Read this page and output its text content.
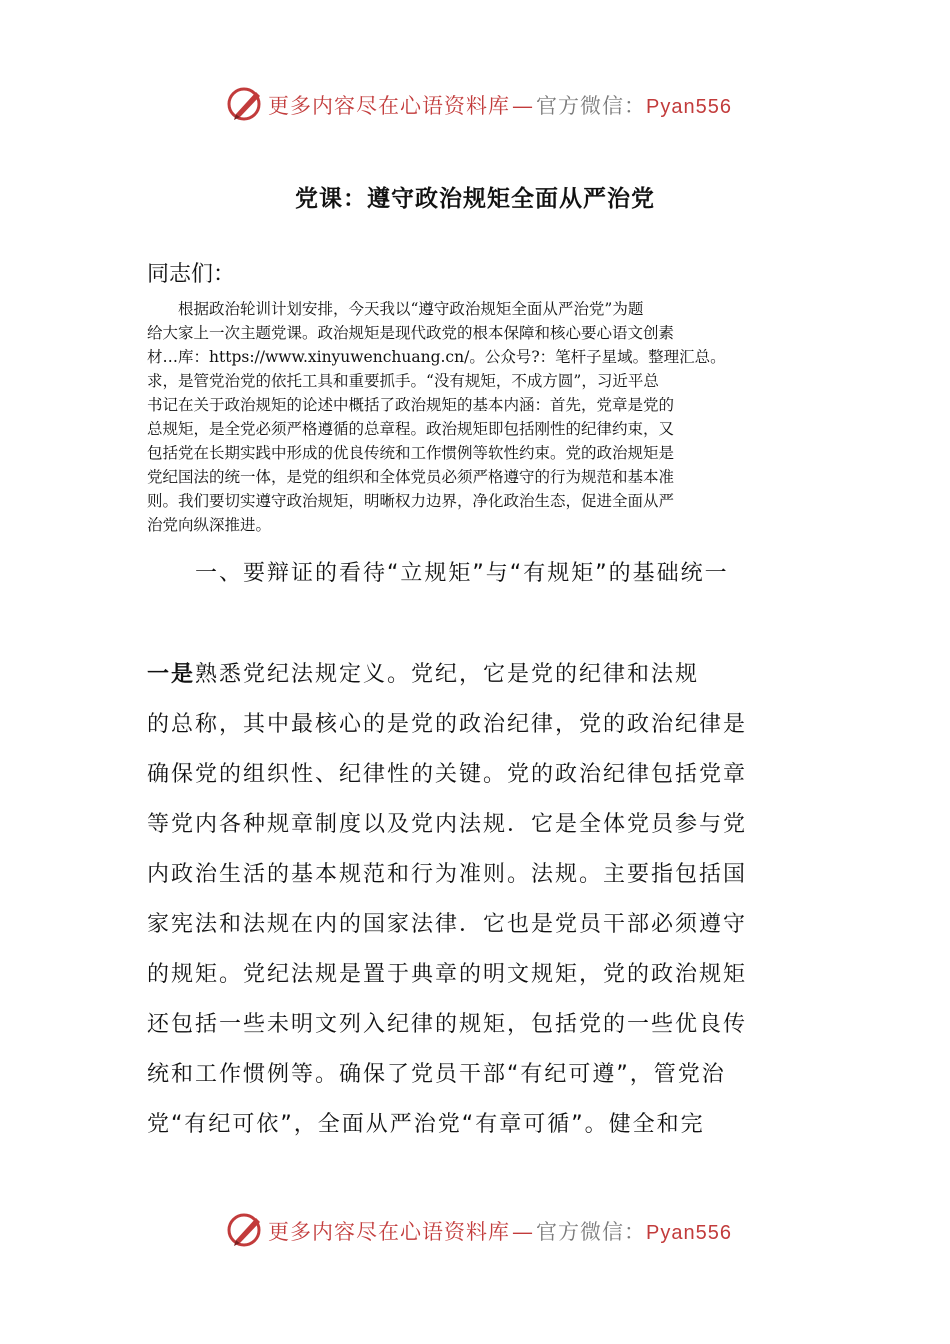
更多内容尽在心语资料库—官方微信：Pyan556
党课：遵守政治规矩全面从严治党
同志们：
　　根据政治轮训计划安排，今天我以“遵守政治规矩全面从严治党”为题
给大家上一次主题党课。政治规矩是现代政党的根本保障和核心要心语文创素
材…库：https://www.xinyuwenchuang.cn/。公众号?：笔杆子星域。整理汇总。
求，是管党治党的依托工具和重要抓手。“没有规矩，不成方圆”，习近平总
书记在关于政治规矩的论述中概括了政治规矩的基本内涵：首先，党章是党的
总规矩，是全党必须严格遵循的总章程。政治规矩即包括刚性的纪律约束，又
包括党在长期实践中形成的优良传统和工作惯例等软性约束。党的政治规矩是
党纪国法的统一体，是党的组织和全体党员必须严格遵守的行为规范和基本准
则。我们要切实遵守政治规矩，明晰权力边界，净化政治生态，促进全面从严
治党向纵深推进。
　　一、要辩证的看待“立规矩”与“有规矩”的基础统一
一是熟悉党纪法规定义。党纪，它是党的纪律和法规
的总称，其中最核心的是党的政治纪律，党的政治纪律是
确保党的组织性、纪律性的关键。党的政治纪律包括党章
等党内各种规章制度以及党内法规．它是全体党员参与党
内政治生活的基本规范和行为准则。法规。主要指包括国
家宪法和法规在内的国家法律．它也是党员干部必须遵守
的规矩。党纪法规是置于典章的明文规矩，党的政治规矩
还包括一些未明文列入纪律的规矩，包括党的一些优良传
统和工作惯例等。确保了党员干部“有纪可遵”，管党治
党“有纪可依”，全面从严治党“有章可循”。健全和完
更多内容尽在心语资料库—官方微信：Pyan556
